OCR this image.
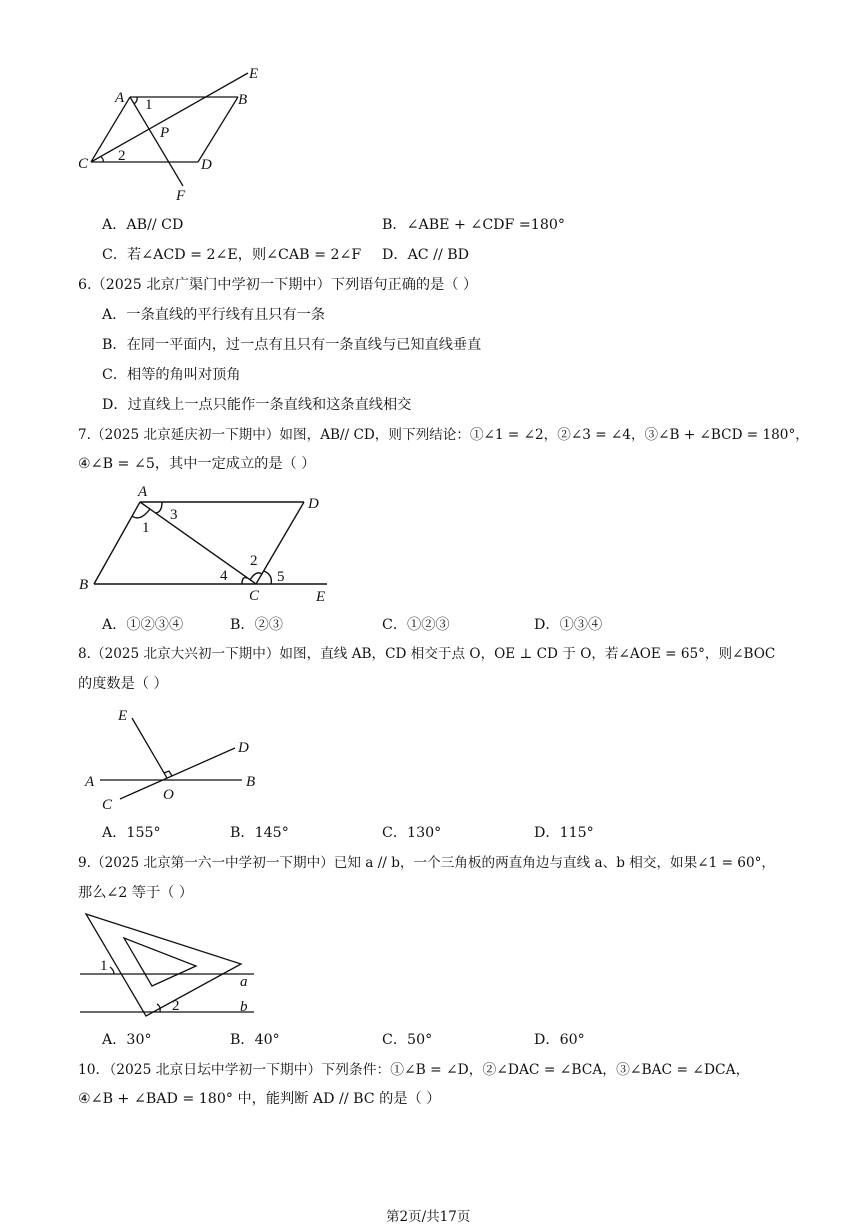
A	B
C	D
E
F
P
1
2
A．AB// CD	B．∠ABE + ∠CDF =180°
C．若∠ACD = 2∠E，则∠CAB = 2∠F D．AC // BD
6.（2025 北京广渠门中学初一下期中）下列语句正确的是（ ）
A．一条直线的平行线有且只有一条
B．在同一平面内，过一点有且只有一条直线与已知直线垂直
C．相等的角叫对顶角
D．过直线上一点只能作一条直线和这条直线相交
7.（2025 北京延庆初一下期中）如图，AB// CD，则下列结论：①∠1 = ∠2，②∠3 = ∠4，③∠B + ∠BCD = 180°，
④∠B = ∠5，其中一定成立的是（ ）
A
D
B
C	E
1
3
4
2
5
A．①②③④	B．②③	C．①②③	D．①③④
8.（2025 北京大兴初一下期中）如图，直线 AB，CD 相交于点 O，OE ⊥ CD 于 O，若∠AOE = 65°，则∠BOC
的度数是（ ）
E
D
A	B
C
O
A．155°	B．145°	C．130°	D．115°
9.（2025 北京第一六一中学初一下期中）已知 a // b，一个三角板的两直角边与直线 a、b 相交，如果∠1 = 60°，
那么∠2 等于（ ）
1
2
a
b
A．30°	B．40°	C．50°	D．60°
10．（2025 北京日坛中学初一下期中）下列条件：①∠B = ∠D，②∠DAC = ∠BCA，③∠BAC = ∠DCA，
④∠B + ∠BAD = 180° 中，能判断 AD // BC 的是（ ）
第2页/共17页
